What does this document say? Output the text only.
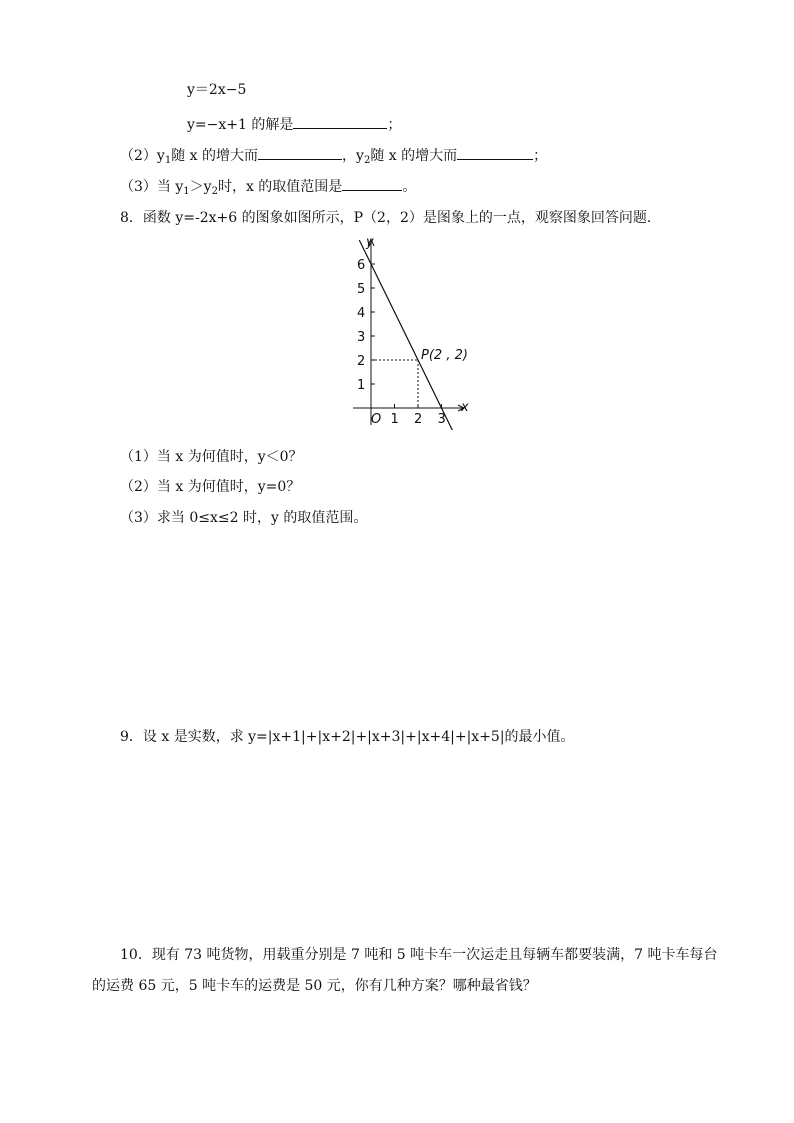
y＝2x−5
y=−x+1 的解是	；
$(2)y_1$随 x 的增大而	，$y_2$随 x 的增大而	；
（3）当 $y_1>y_2$时，x 的取值范围是	。
8．函数 y=-2x+6 的图象如图所示，P（2，2）是图象上的一点，观察图象回答问题．
y
x
O
6
5
4
3
2
1
1 2 3
P(2 , 2)
（1）当 x 为何值时，y＜0？
（2）当 x 为何值时，y=0？
（3）求当 0≤x≤2 时，y 的取值范围。
9．设 x 是实数，求 y=|x+1|+|x+2|+|x+3|+|x+4|+|x+5|的最小值。
10．现有 73 吨货物，用载重分别是 7 吨和 5 吨卡车一次运走且每辆车都要装满，7 吨卡车每台
的运费 65 元，5 吨卡车的运费是 50 元，你有几种方案？哪种最省钱？
